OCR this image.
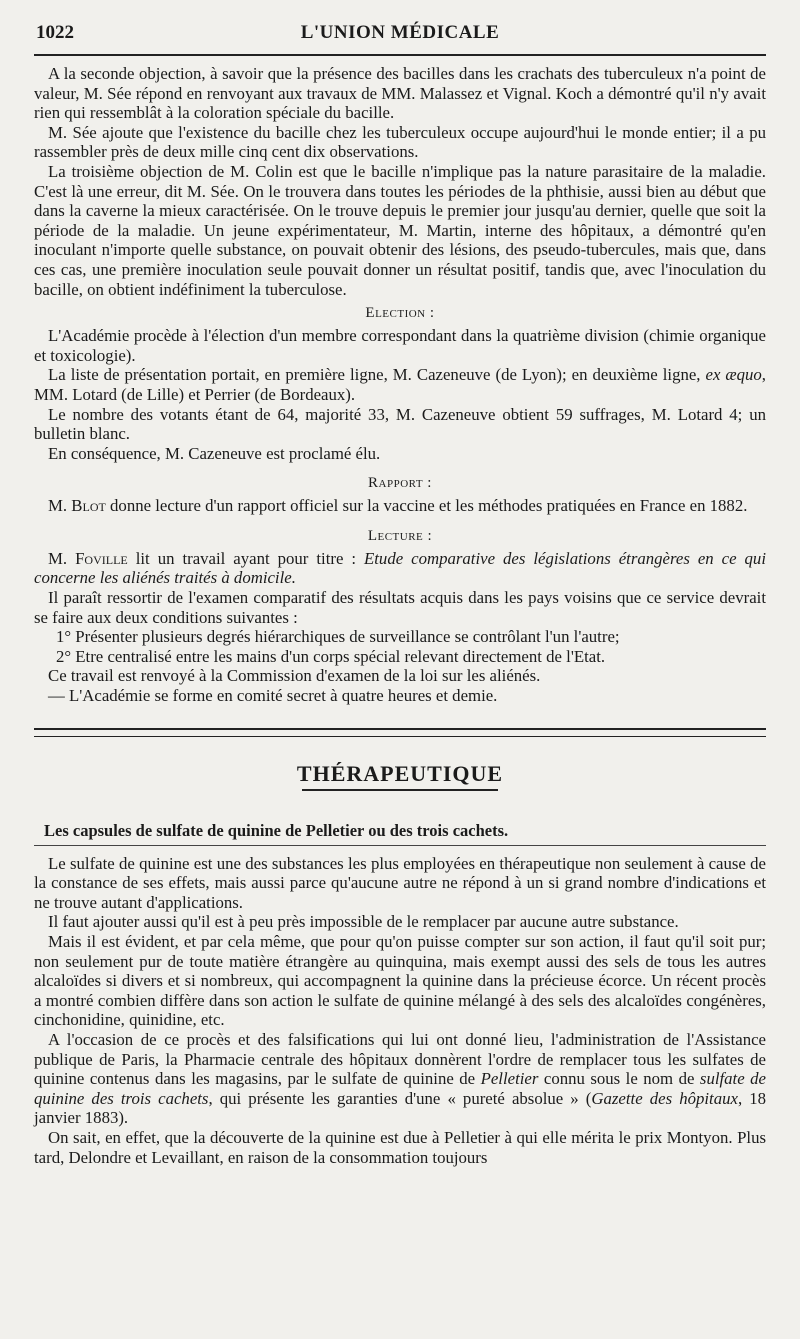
1022	L'UNION MÉDICALE

A la seconde objection, à savoir que la présence des bacilles dans les crachats des tuberculeux n'a point de valeur, M. Sée répond en renvoyant aux travaux de MM. Malassez et Vignal. Koch a démontré qu'il n'y avait rien qui ressemblât à la coloration spéciale du bacille.

M. Sée ajoute que l'existence du bacille chez les tuberculeux occupe aujourd'hui le monde entier; il a pu rassembler près de deux mille cinq cent dix observations.

La troisième objection de M. Colin est que le bacille n'implique pas la nature parasitaire de la maladie. C'est là une erreur, dit M. Sée. On le trouvera dans toutes les périodes de la phthisie, aussi bien au début que dans la caverne la mieux caractérisée. On le trouve depuis le premier jour jusqu'au dernier, quelle que soit la période de la maladie. Un jeune expérimentateur, M. Martin, interne des hôpitaux, a démontré qu'en inoculant n'importe quelle substance, on pouvait obtenir des lésions, des pseudo-tubercules, mais que, dans ces cas, une première inoculation seule pouvait donner un résultat positif, tandis que, avec l'inoculation du bacille, on obtient indéfiniment la tuberculose.

Election :

L'Académie procède à l'élection d'un membre correspondant dans la quatrième division (chimie organique et toxicologie).

La liste de présentation portait, en première ligne, M. Cazeneuve (de Lyon); en deuxième ligne, ex æquo, MM. Lotard (de Lille) et Perrier (de Bordeaux).

Le nombre des votants étant de 64, majorité 33, M. Cazeneuve obtient 59 suffrages, M. Lotard 4; un bulletin blanc.

En conséquence, M. Cazeneuve est proclamé élu.

Rapport :

M. Blot donne lecture d'un rapport officiel sur la vaccine et les méthodes pratiquées en France en 1882.

Lecture :

M. Foville lit un travail ayant pour titre : Etude comparative des législations étrangères en ce qui concerne les aliénés traités à domicile.

Il paraît ressortir de l'examen comparatif des résultats acquis dans les pays voisins que ce service devrait se faire aux deux conditions suivantes :

1° Présenter plusieurs degrés hiérarchiques de surveillance se contrôlant l'un l'autre;

2° Etre centralisé entre les mains d'un corps spécial relevant directement de l'Etat.

Ce travail est renvoyé à la Commission d'examen de la loi sur les aliénés.

— L'Académie se forme en comité secret à quatre heures et demie.

THÉRAPEUTIQUE
Les capsules de sulfate de quinine de Pelletier ou des trois cachets.

Le sulfate de quinine est une des substances les plus employées en thérapeutique non seulement à cause de la constance de ses effets, mais aussi parce qu'aucune autre ne répond à un si grand nombre d'indications et ne trouve autant d'applications.

Il faut ajouter aussi qu'il est à peu près impossible de le remplacer par aucune autre substance.

Mais il est évident, et par cela même, que pour qu'on puisse compter sur son action, il faut qu'il soit pur; non seulement pur de toute matière étrangère au quinquina, mais exempt aussi des sels de tous les autres alcaloïdes si divers et si nombreux, qui accompagnent la quinine dans la précieuse écorce. Un récent procès a montré combien diffère dans son action le sulfate de quinine mélangé à des sels des alcaloïdes congénères, cinchonidine, quinidine, etc.

A l'occasion de ce procès et des falsifications qui lui ont donné lieu, l'administration de l'Assistance publique de Paris, la Pharmacie centrale des hôpitaux donnèrent l'ordre de remplacer tous les sulfates de quinine contenus dans les magasins, par le sulfate de quinine de Pelletier connu sous le nom de sulfate de quinine des trois cachets, qui présente les garanties d'une « pureté absolue » (Gazette des hôpitaux, 18 janvier 1883).

On sait, en effet, que la découverte de la quinine est due à Pelletier à qui elle mérita le prix Montyon. Plus tard, Delondre et Levaillant, en raison de la consommation toujours
